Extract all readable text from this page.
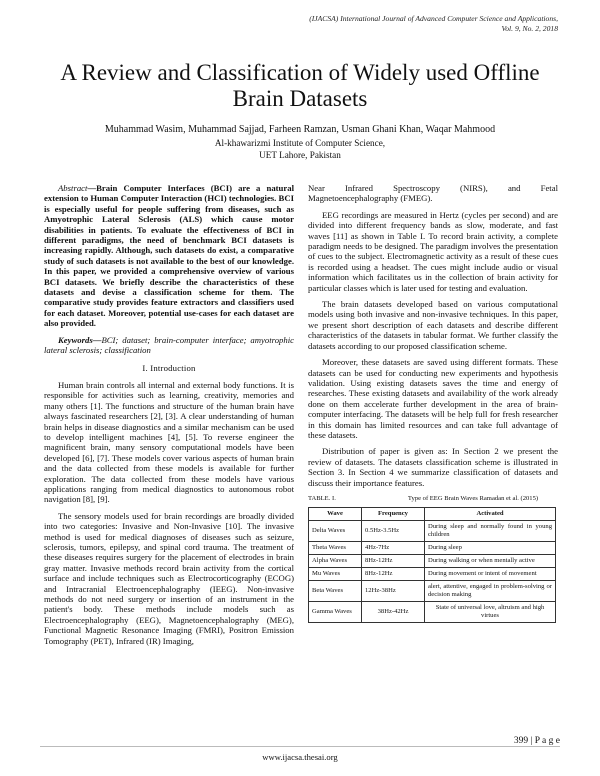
(IJACSA) International Journal of Advanced Computer Science and Applications,
Vol. 9, No. 2, 2018
A Review and Classification of Widely used Offline
Brain Datasets
Muhammad Wasim, Muhammad Sajjad, Farheen Ramzan, Usman Ghani Khan, Waqar Mahmood
Al-khawarizmi Institute of Computer Science,
UET Lahore, Pakistan

Abstract—Brain Computer Interfaces (BCI) are a natural extension to Human Computer Interaction (HCI) technologies. BCI is especially useful for people suffering from diseases, such as Amyotrophic Lateral Sclerosis (ALS) which cause motor disabilities in patients. To evaluate the effectiveness of BCI in different paradigms, the need of benchmark BCI datasets is increasing rapidly. Although, such datasets do exist, a comparative study of such datasets is not available to the best of our knowledge. In this paper, we provided a comprehensive overview of various BCI datasets. We briefly describe the characteristics of these datasets and devise a classification scheme for them. The comparative study provides feature extractors and classifiers used for each dataset. Moreover, potential use-cases for each dataset are also provided.

Keywords—BCI; dataset; brain-computer interface; amyotrophic lateral sclerosis; classification

I. Introduction

Human brain controls all internal and external body functions. It is responsible for activities such as learning, creativity, memories and many others [1]. The functions and structure of the human brain have always fascinated researchers [2], [3]. A clear understanding of human brain helps in disease diagnostics and a similar mechanism can be used to develop intelligent machines [4], [5]. To reverse engineer the magnificent brain, many sensory computational models have been developed [6], [7]. These models cover various aspects of human brain and the data collected from these models is available for further exploration. The data collected from these models have various applications ranging from medical diagnostics to autonomous robot navigation [8], [9].

The sensory models used for brain recordings are broadly divided into two categories: Invasive and Non-Invasive [10]. The invasive method is used for medical diagnoses of diseases such as seizure, sclerosis, tumors, epilepsy, and spinal cord trauma. The treatment of these diseases requires surgery for the placement of electrodes in brain gray matter. Invasive methods record brain activity from the cortical surface and include techniques such as Electrocorticography (ECOG) and Intracranial Electroencephalography (IEEG). Non-invasive methods do not need surgery or insertion of an instrument in the patient's body. These methods include models such as Electroencephalography (EEG), Magnetoencephalography (MEG), Functional Magnetic Resonance Imaging (FMRI), Positron Emission Tomography (PET), Infrared (IR) Imaging,

Near Infrared Spectroscopy (NIRS), and Fetal Magnetoencephalography (FMEG).

EEG recordings are measured in Hertz (cycles per second) and are divided into different frequency bands as slow, moderate, and fast waves [11] as shown in Table I. To record brain activity, a complete paradigm needs to be designed. The paradigm involves the presentation of cues to the subject. Electromagnetic activity as a result of these cues is recorded using a headset. The cues might include audio or visual information which facilitates us in the collection of brain activity for particular classes which is later used for testing and evaluation.

The brain datasets developed based on various computational models using both invasive and non-invasive techniques. In this paper, we present short description of each datasets and describe different characteristics of the datasets in tabular format. We further classify the datasets according to our proposed classification scheme.

Moreover, these datasets are saved using different formats. These datasets can be used for conducting new experiments and hypothesis validation. Using existing datasets saves the time and energy of researches. These existing datasets and availability of the work already done on them accelerate further development in the area of brain-computer interfacing. The datasets will be help full for fresh researcher in this domain has limited resources and can take full advantage of these datasets.

Distribution of paper is given as: In Section 2 we present the review of datasets. The datasets classification scheme is illustrated in Section 3. In Section 4 we summarize classification of datasets and discuss their importance features.

TABLE. I.	Type of EEG Brain Waves Ramadan et al. (2015)
Wave	Frequency	Activated
Delta Waves	0.5Hz-3.5Hz	During sleep and normally found in young children
Theta Waves	4Hz-7Hz	During sleep
Alpha Waves	8Hz-12Hz	During walking or when mentally active
Mu Waves	8Hz-12Hz	During movement or intent of movement
Beta Waves	12Hz-38Hz	alert, attentive, engaged in problem-solving or decision making
Gamma Waves	38Hz-42Hz	State of universal love, altruism and high virtues
399 | P a g e
www.ijacsa.thesai.org
